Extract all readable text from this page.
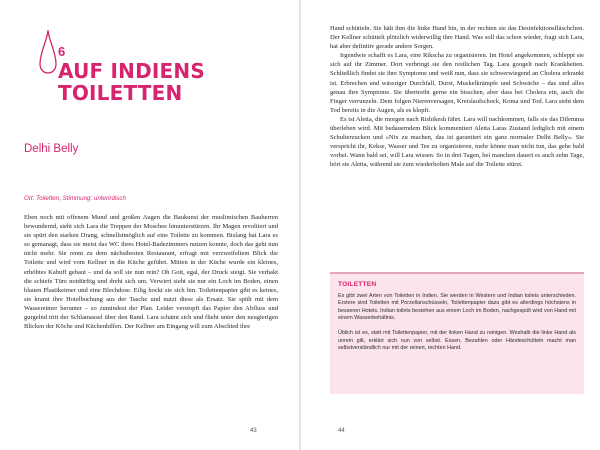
6
AUF INDIENS
TOILETTEN
Delhi Belly
Ort: Toiletten, Stimmung: unterirdisch

Eben noch mit offenem Mund und großen Augen die Baukunst der muslimischen Bauherren bewundernd, sieht sich Lara die Treppen der Moschee hinunterstürzen. Ihr Magen revoltiert und sie spürt den starken Drang, schnellstmöglich auf eine Toilette zu kommen. Bislang hat Lara es so gemanagt, dass sie meist das WC ihres Hotel-Badezimmers nutzen konnte, doch das geht nun nicht mehr. Sie rennt zu dem nächstbesten Restaurant, erfragt mit verzweifeltem Blick die Toilette und wird vom Kellner in die Küche geführt. Mitten in der Küche wurde ein kleines, erhöhtes Kabuff gebaut – und da soll sie nun rein? Oh Gott, egal, der Druck steigt. Sie verhakt die schiefe Türe notdürftig und dreht sich um. Verwirrt sieht sie nur ein Loch im Boden, einen blauen Plastikeimer und eine Blechdose. Eilig hockt sie sich hin. Toilettenpapier gibt es keines, sie kramt ihre Hotelbuchung aus der Tasche und nutzt diese als Ersatz. Sie spült mit dem Wassereimer herunter – so zumindest der Plan. Leider verstopft das Papier den Abfluss und gurgelnd tritt der Schlamassel über den Rand. Lara schämt sich und flieht unter den neugierigen Blicken der Köche und Küchenhilfen. Der Kellner am Eingang will zum Abschied ihre

43

Hand schütteln. Sie hält ihm die linke Hand hin, in der rechten sie das Desinfektionsfläschchen. Der Kellner schüttelt plötzlich widerwillig ihre Hand. Was soll das schon wieder, fragt sich Lara, hat aber definitiv gerade andere Sorgen.

Irgendwie schafft es Lara, eine Rikscha zu organisieren. Im Hotel angekommen, schleppt sie sich auf ihr Zimmer. Dort verbringt sie den restlichen Tag. Lara googelt nach Krankheiten. Schließlich findet sie ihre Symptome und weiß nun, dass sie schwerwiegend an Cholera erkrankt ist. Erbrechen und wässriger Durchfall, Durst, Muskelkrämpfe und Schwäche – das sind alles genau ihre Symptome. Sie übertreibt gerne ein bisschen, aber dass bei Cholera ein, auch die Finger verrunzeln. Dem folgen Nierenversagen, Kreislaufschock, Koma und Tod. Lara sieht dem Tod bereits in die Augen, als es klopft.

Es ist Aletta, die morgen nach Rishikesh fährt. Lara will nachkommen, falls sie das Dilemma überleben wird. Mit bedauerndem Blick kommentiert Aletta Laras Zustand lediglich mit einem Schulterzucken und »Nix zu machen, das ist garantiert ein ganz normaler Delhi Belly«. Sie verspricht ihr, Kekse, Wasser und Tee zu organisieren, mehr könne man nicht tun, das gehe bald vorbei. Wann bald sei, will Lara wissen. So in drei Tagen, bei manchen dauert es auch zehn Tage, hört sie Aletta, während sie zum wiederholten Male auf die Toilette stürzt.

TOILETTEN

Es gibt zwei Arten von Toiletten in Indien. Sie werden in Western und Indian toilets unterschieden. Erstere sind Toiletten mit Porzellanschüsseln, Toilettenpapier dazu gibt es allerdings höchstens in besseren Hotels. Indian toilets bestehen aus einem Loch im Boden, nachgespült wird von Hand mit einem Wasserbehältnis.

Üblich ist es, statt mit Toilettenpapier, mit der linken Hand zu reinigen. Weshalb die linke Hand als unrein gilt, erklärt sich nun von selbst. Essen, Bezahlen oder Händeschütteln macht man selbstverständlich nur mit der reinen, rechten Hand.

44
